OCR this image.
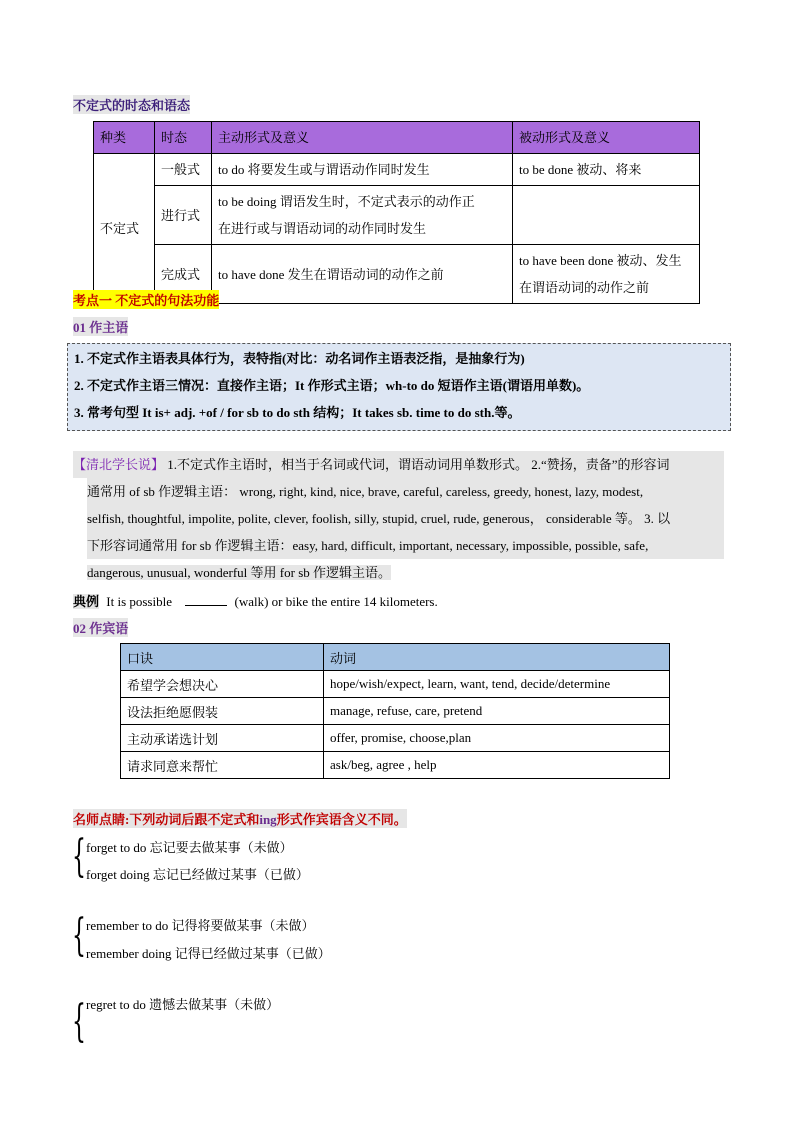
不定式的时态和语态
种类	时态	主动形式及意义	被动形式及意义
不定式	一般式	to do 将要发生或与谓语动作同时发生	to be done 被动、将来
	进行式	to be doing 谓语发生时，不定式表示的动作正
在进行或与谓语动词的动作同时发生	

	完成式	to have done 发生在谓语动词的动作之前	to have been done 被动、发生
在谓语动词的动作之前
考点一 不定式的句法功能
01 作主语
1. 不定式作主语表具体行为，表特指(对比：动名词作主语表泛指，是抽象行为)
2. 不定式作主语三情况：直接作主语；It 作形式主语；wh-to do 短语作主语(谓语用单数)。
3. 常考句型 It is+ adj. +of / for sb to do sth 结构；It takes sb. time to do sth.等。
【清北学长说】 1.不定式作主语时，相当于名词或代词，谓语动词用单数形式。 2.“赞扬，责备”的形容词
通常用 of sb 作逻辑主语： wrong, right, kind, nice, brave, careful, careless, greedy, honest, lazy, modest,
selfish, thoughtful, impolite, polite, clever, foolish, silly, stupid, cruel, rude, generous， considerable 等。 3. 以
下形容词通常用 for sb 作逻辑主语：easy, hard, difficult, important, necessary, impossible, possible, safe,
dangerous, unusual, wonderful 等用 for sb 作逻辑主语。
典例 It is possible	(walk) or bike the entire 14 kilometers.
02 作宾语
口诀	动词
希望学会想决心	hope/wish/expect, learn, want, tend, decide/determine
设法拒绝愿假装	manage, refuse, care, pretend
主动承诺选计划	offer, promise, choose,plan
请求同意来帮忙	ask/beg, agree , help
名师点睛:下列动词后跟不定式和ing形式作宾语含义不同。
{ forget to do 忘记要去做某事（未做）
forget doing 忘记已经做过某事（已做）
{ remember to do 记得将要做某事（未做）
remember doing 记得已经做过某事（已做）
{ regret to do 遗憾去做某事（未做）
